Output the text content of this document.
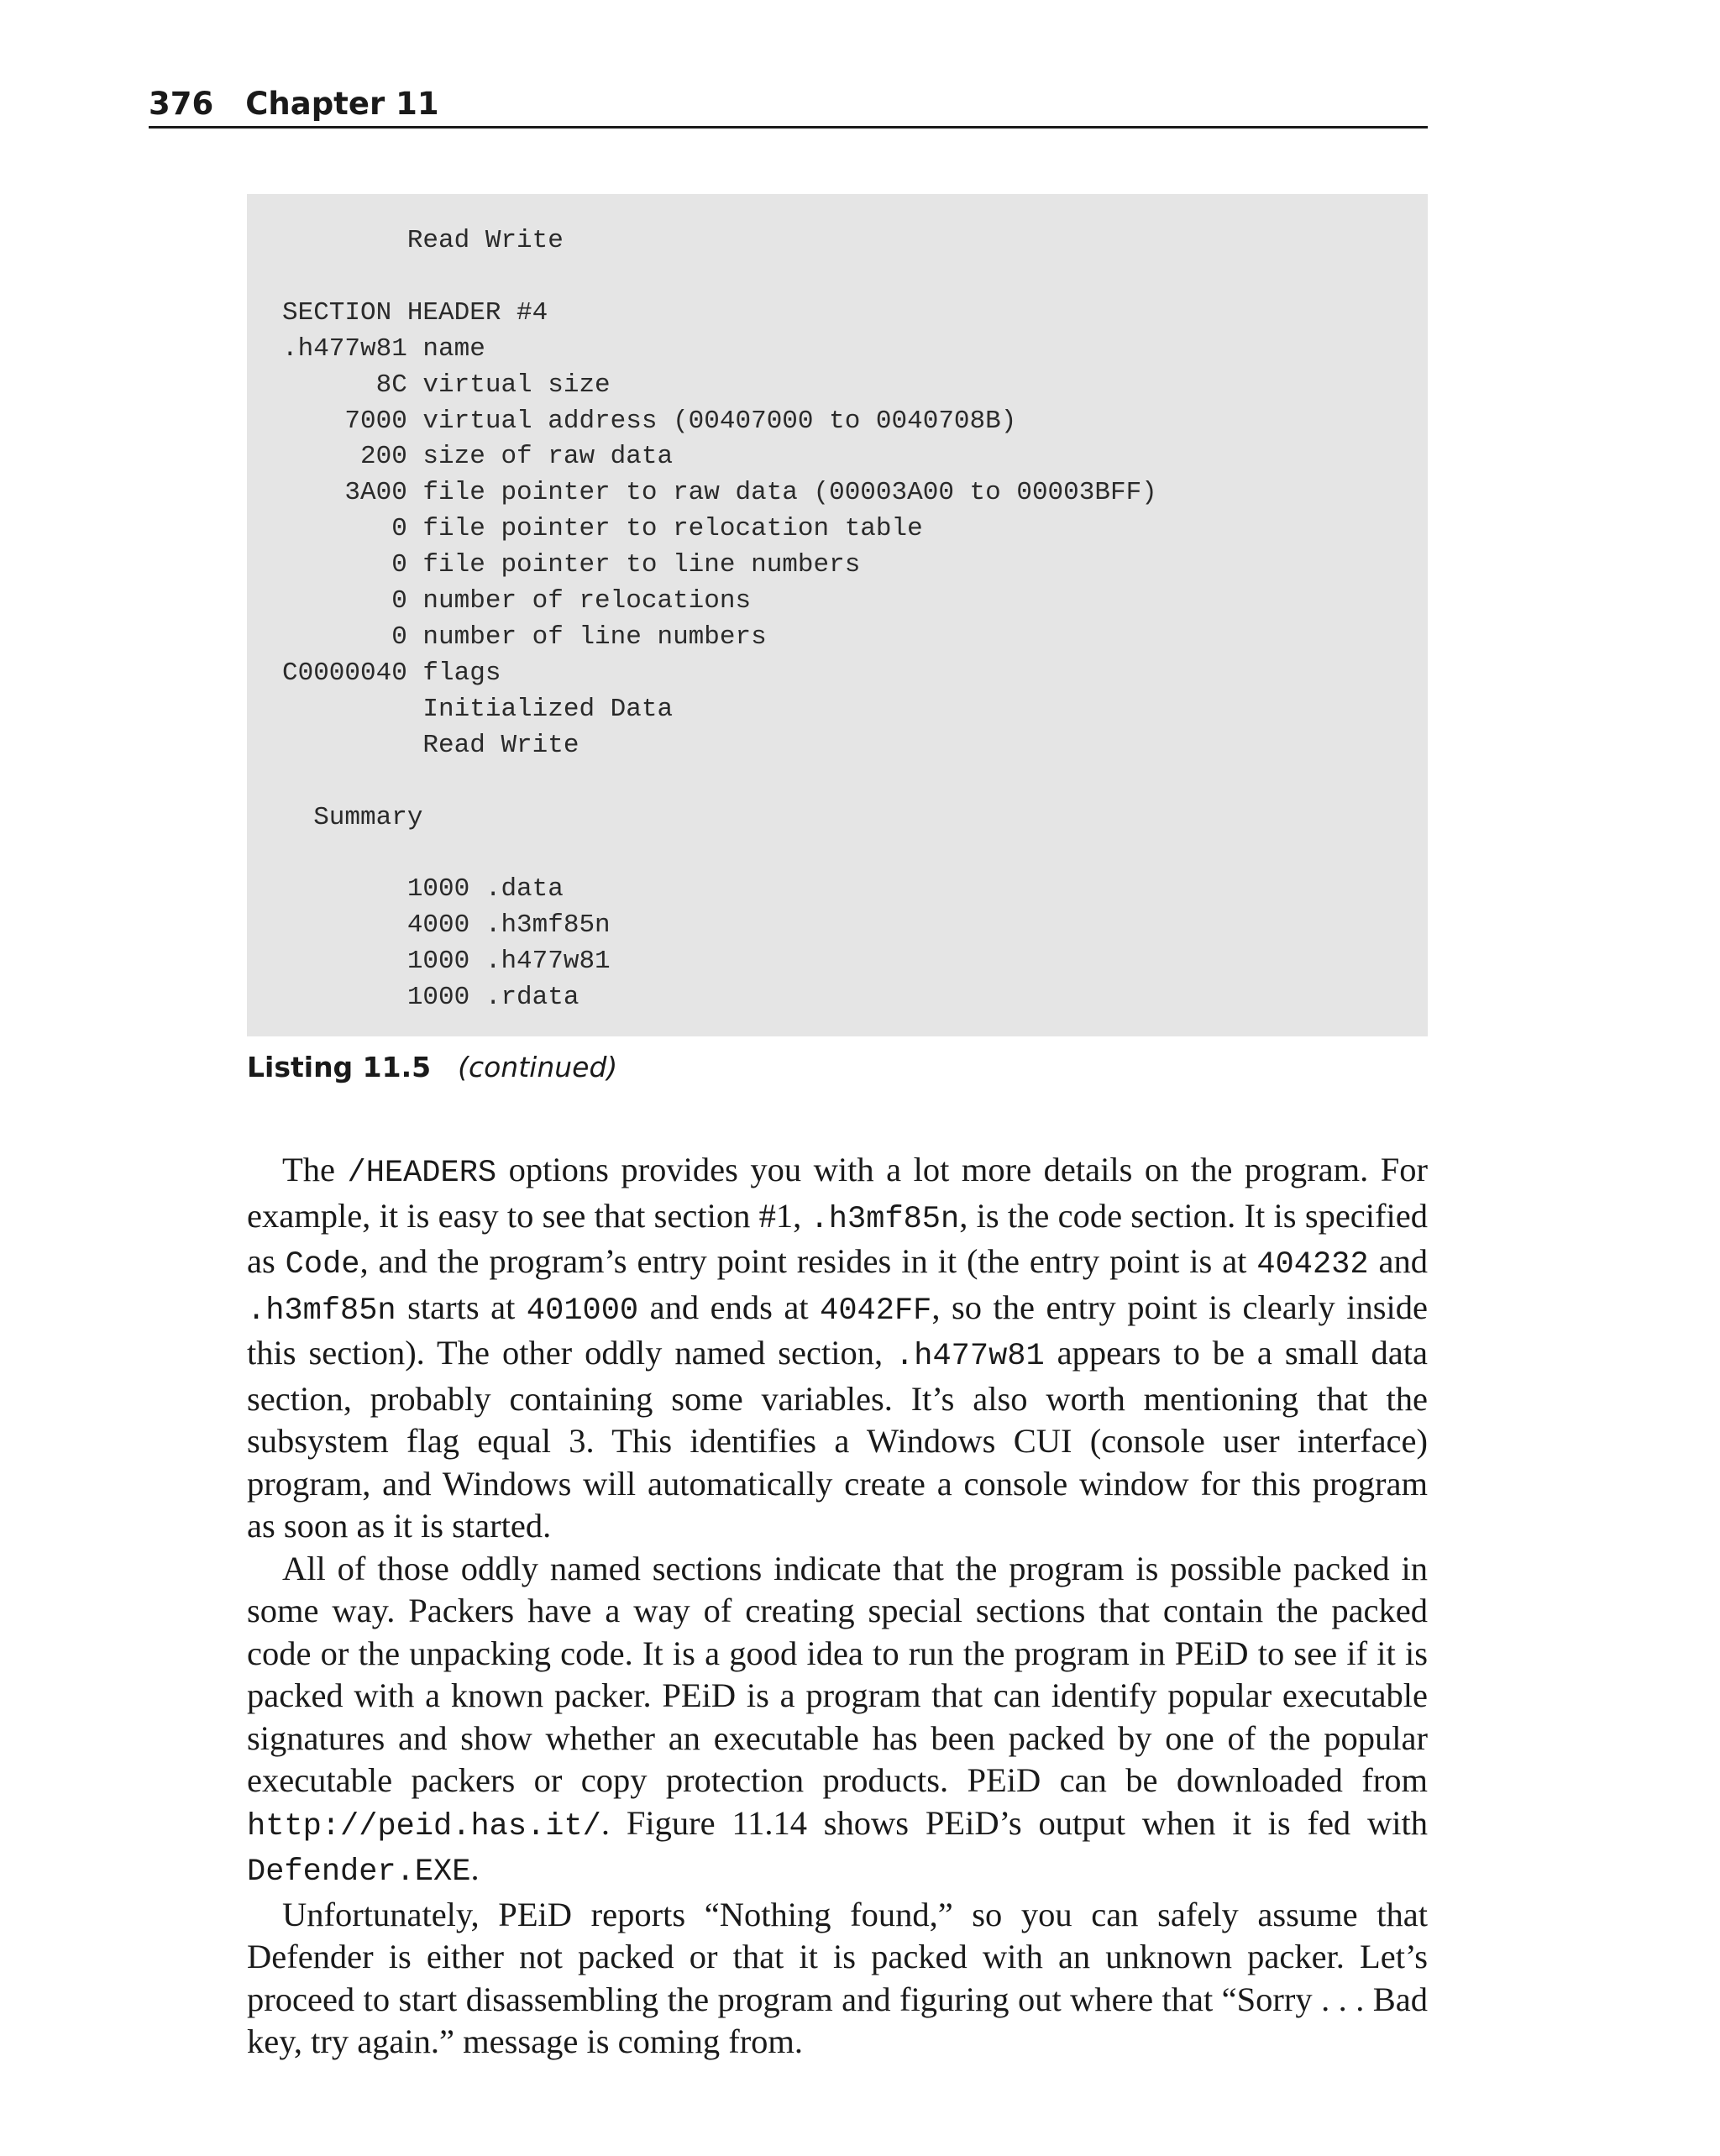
376 Chapter 11
Read Write

SECTION HEADER #4
.h477w81 name
8C virtual size
7000 virtual address (00407000 to 0040708B)
200 size of raw data
3A00 file pointer to raw data (00003A00 to 00003BFF)
0 file pointer to relocation table
0 file pointer to line numbers
0 number of relocations
0 number of line numbers
C0000040 flags
Initialized Data
Read Write

Summary

1000 .data
4000 .h3mf85n
1000 .h477w81
1000 .rdata
Listing 11.5 (continued)

The /HEADERS options provides you with a lot more details on the program. For example, it is easy to see that section #1, .h3mf85n, is the code section. It is specified as Code, and the program’s entry point resides in it (the entry point is at 404232 and .h3mf85n starts at 401000 and ends at 4042FF, so the entry point is clearly inside this section). The other oddly named section, .h477w81 appears to be a small data section, probably containing some variables. It’s also worth mentioning that the subsystem flag equal 3. This identifies a Windows CUI (console user interface) program, and Windows will automatically create a console window for this program as soon as it is started.

All of those oddly named sections indicate that the program is possible packed in some way. Packers have a way of creating special sections that contain the packed code or the unpacking code. It is a good idea to run the program in PEiD to see if it is packed with a known packer. PEiD is a program that can identify popular executable signatures and show whether an executable has been packed by one of the popular executable packers or copy protection products. PEiD can be downloaded from http://peid.has.it/. Figure 11.14 shows PEiD’s output when it is fed with Defender.EXE.

Unfortunately, PEiD reports “Nothing found,” so you can safely assume that Defender is either not packed or that it is packed with an unknown packer. Let’s proceed to start disassembling the program and figuring out where that “Sorry . . . Bad key, try again.” message is coming from.
